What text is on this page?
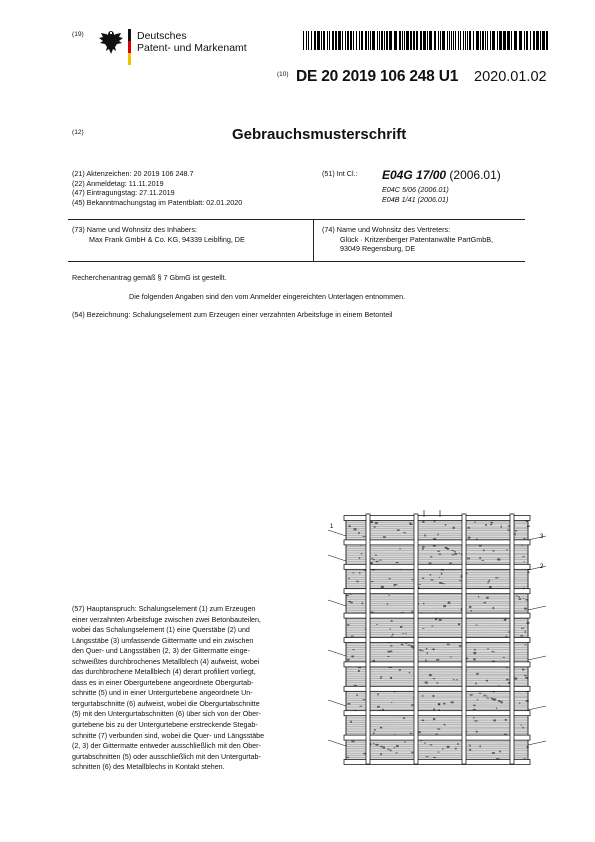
(19)	Deutsches
Patent- und Markenamt
(10) DE 20 2019 106 248 U1 2020.01.02
(12)	Gebrauchsmusterschrift
(21) Aktenzeichen: 20 2019 106 248.7
(22) Anmeldetag: 11.11.2019
(47) Eintragungstag: 27.11.2019
(45) Bekanntmachungstag im Patentblatt: 02.01.2020
(51) Int Cl.: E04G 17/00 (2006.01)
E04C 5/06 (2006.01)
E04B 1/41 (2006.01)
(73) Name und Wohnsitz des Inhabers:
Max Frank GmbH & Co. KG, 94339 Leiblfing, DE
(74) Name und Wohnsitz des Vertreters:
Glück · Kritzenberger Patentanwälte PartGmbB,
93049 Regensburg, DE
Recherchenantrag gemäß § 7 GbmG ist gestellt.
Die folgenden Angaben sind den vom Anmelder eingereichten Unterlagen entnommen.
(54) Bezeichnung: Schalungselement zum Erzeugen einer verzahnten Arbeitsfuge in einem Betonteil
(57) Hauptanspruch: Schalungselement (1) zum Erzeugen
einer verzahnten Arbeitsfuge zwischen zwei Betonbauteilen,
wobei das Schalungselement (1) eine Querstäbe (2) und
Längsstäbe (3) umfassende Gittermatte und ein zwischen
den Quer- und Längsstäben (2, 3) der Gittermatte einge-
schweißtes durchbrochenes Metallblech (4) aufweist, wobei
das durchbrochene Metallblech (4) derart profiliert vorliegt,
dass es in einer Obergurtebene angeordnete Obergurtab-
schnitte (5) und in einer Untergurtebene angeordnete Un-
tergurtabschnitte (6) aufweist, wobei die Obergurtabschnitte
(5) mit den Untergurtabschnitten (6) über sich von der Ober-
gurtebene bis zu der Untergurtebene erstreckende Stegab-
schnitte (7) verbunden sind, wobei die Quer- und Längsstäbe
(2, 3) der Gittermatte entweder ausschließlich mit den Ober-
gurtabschnitten (5) oder ausschließlich mit den Untergurtab-
schnitten (6) des Metallblechs in Kontakt stehen.
1
3
2
